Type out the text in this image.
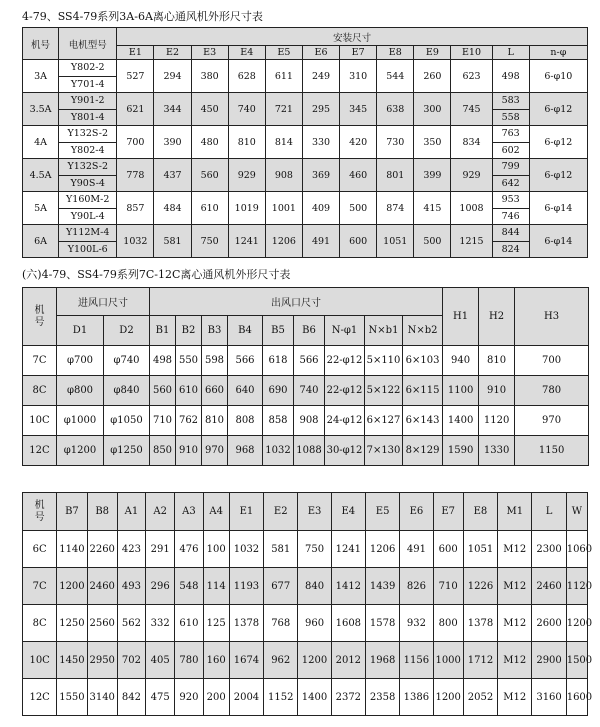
4-79、SS4-79系列3A-6A离心通风机外形尺寸表
机号	电机型号	安装尺寸											
		E1	E2	E3	E4	E5	E6	E7	E8	E9	E10	L	n-φ
3A	Y802-2	527	294	380	628	611	249	310	544	260	623	498	6-φ10
	Y701-4												
3.5A	Y901-2	621	344	450	740	721	295	345	638	300	745	583	6-φ12
	Y801-4											558	
4A	Y132S-2	700	390	480	810	814	330	420	730	350	834	763	6-φ12
	Y802-4											602	
4.5A	Y132S-2	778	437	560	929	908	369	460	801	399	929	799	6-φ12
	Y90S-4											642	
5A	Y160M-2	857	484	610	1019	1001	409	500	874	415	1008	953	6-φ14
	Y90L-4											746	
6A	Y112M-4	1032	581	750	1241	1206	491	600	1051	500	1215	844	6-φ14
	Y100L-6											824	
(六)4-79、SS4-79系列7C-12C离心通风机外形尺寸表
机号	进风口尺寸		出风口尺寸									H1	H2	H3
	D1	D2	B1	B2	B3	B4	B5	B6	N-φ1	N×b1	N×b2			
7C	φ700	φ740	498	550	598	566	618	566	22-φ12	5×110	6×103	940	810	700
8C	φ800	φ840	560	610	660	640	690	740	22-φ12	5×122	6×115	1100	910	780
10C	φ1000	φ1050	710	762	810	808	858	908	24-φ12	6×127	6×143	1400	1120	970
12C	φ1200	φ1250	850	910	970	968	1032	1088	30-φ12	7×130	8×129	1590	1330	1150
机号	B7	B8	A1	A2	A3	A4	E1	E2	E3	E4	E5	E6	E7	E8	M1	L	W
6C	1140	2260	423	291	476	100	1032	581	750	1241	1206	491	600	1051	M12	2300	1060
7C	1200	2460	493	296	548	114	1193	677	840	1412	1439	826	710	1226	M12	2460	1120
8C	1250	2560	562	332	610	125	1378	768	960	1608	1578	932	800	1378	M12	2600	1200
10C	1450	2950	702	405	780	160	1674	962	1200	2012	1968	1156	1000	1712	M12	2900	1500
12C	1550	3140	842	475	920	200	2004	1152	1400	2372	2358	1386	1200	2052	M12	3160	1600
